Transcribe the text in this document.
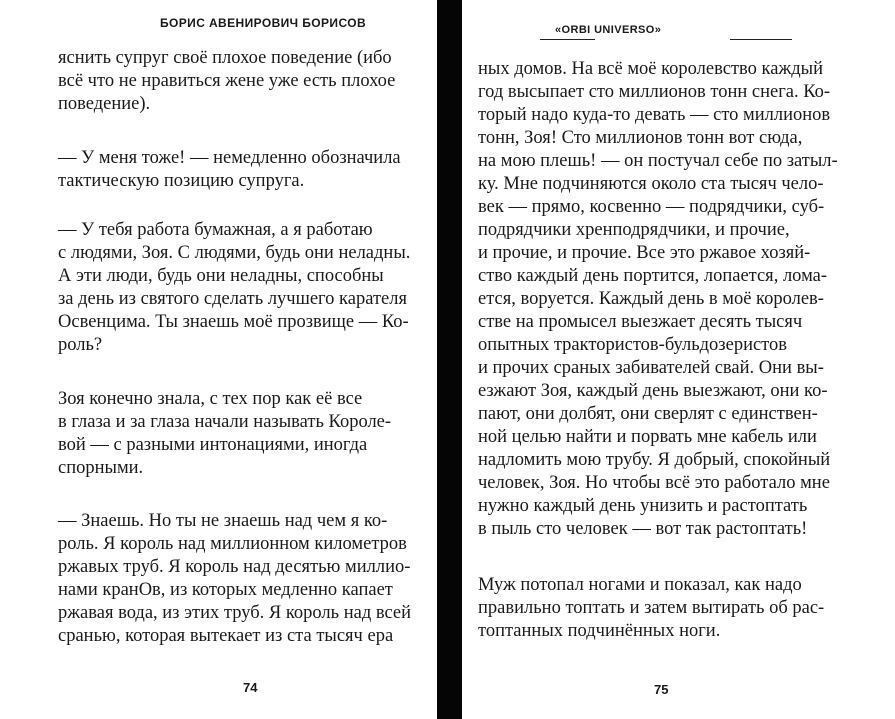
БОРИС АВЕНИРОВИЧ БОРИСОВ	«ORBI UNIVERSO»
яснить супруг своё плохое поведение (ибо
всё что не нравиться жене уже есть плохое
поведение).
— У меня тоже! — немедленно обозначила
тактическую позицию супруга.
— У тебя работа бумажная, а я работаю
с людями, Зоя. С людями, будь они неладны.
А эти люди, будь они неладны, способны
за день из святого сделать лучшего карателя
Освенцима. Ты знаешь моё прозвище — Ко-
роль?
Зоя конечно знала, с тех пор как её все
в глаза и за глаза начали называть Короле-
вой — с разными интонациями, иногда
спорными.
— Знаешь. Но ты не знаешь над чем я ко-
роль. Я король над миллионном километров
ржавых труб. Я король над десятью миллио-
нами кранОв, из которых медленно капает
ржавая вода, из этих труб. Я король над всей
сранью, которая вытекает из ста тысяч ера
ных домов. На всё моё королевство каждый
год высыпает сто миллионов тонн снега. Ко-
торый надо куда-то девать — сто миллионов
тонн, Зоя! Сто миллионов тонн вот сюда,
на мою плешь! — он постучал себе по затыл-
ку. Мне подчиняются около ста тысяч чело-
век — прямо, косвенно — подрядчики, суб-
подрядчики хренподрядчики, и прочие,
и прочие, и прочие. Все это ржавое хозяй-
ство каждый день портится, лопается, лома-
ется, воруется. Каждый день в моё королев-
стве на промысел выезжает десять тысяч
опытных трактористов-бульдозеристов
и прочих сраных забивателей свай. Они вы-
езжают Зоя, каждый день выезжают, они ко-
пают, они долбят, они сверлят с единствен-
ной целью найти и порвать мне кабель или
надломить мою трубу. Я добрый, спокойный
человек, Зоя. Но чтобы всё это работало мне
нужно каждый день унизить и растоптать
в пыль сто человек — вот так растоптать!
Муж потопал ногами и показал, как надо
правильно топтать и затем вытирать об рас-
топтанных подчинённых ноги.
74	75
